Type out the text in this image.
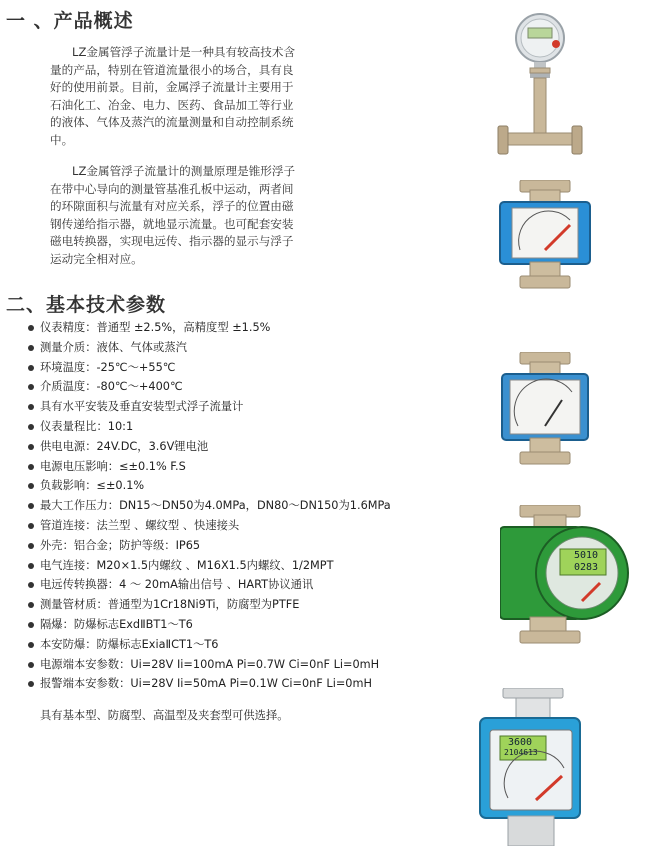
一 、产品概述

LZ金属管浮子流量计是一种具有较高技术含量的产品，特别在管道流量很小的场合，具有良好的使用前景。目前，金属浮子流量计主要用于石油化工、冶金、电力、医药、食品加工等行业的液体、气体及蒸汽的流量测量和自动控制系统中。

LZ金属管浮子流量计的测量原理是锥形浮子在带中心导向的测量管基准孔板中运动，两者间的环隙面积与流量有对应关系，浮子的位置由磁钢传递给指示器，就地显示流量。也可配套安装磁电转换器，实现电远传、指示器的显示与浮子运动完全相对应。

二、基本技术参数
仪表精度：普通型 ±2.5%，高精度型 ±1.5%
测量介质：液体、气体或蒸汽
环境温度：-25℃～+55℃
介质温度：-80℃～+400℃
具有水平安装及垂直安装型式浮子流量计
仪表量程比：10:1
供电电源：24V.DC，3.6V锂电池
电源电压影响：≤±0.1% F.S
负载影响：≤±0.1%
最大工作压力：DN15～DN50为4.0MPa，DN80～DN150为1.6MPa
管道连接：法兰型 、螺纹型 、快速接头
外壳：铝合金；防护等级：IP65
电气连接：M20×1.5内螺纹 、M16X1.5内螺纹、1/2MPT
电远传转换器：4 ～ 20mA输出信号 、HART协议通讯
测量管材质：普通型为1Cr18Ni9Ti，防腐型为PTFE
隔爆：防爆标志ExdⅡBT1～T6
本安防爆：防爆标志ExiaⅡCT1～T6
电源端本安参数：Ui=28V Ii=100mA Pi=0.7W Ci=0nF Li=0mH
报警端本安参数：Ui=28V Ii=50mA Pi=0.1W Ci=0nF Li=0mH

具有基本型、防腐型、高温型及夹套型可供选择。

5010
0283
3600
2104613
